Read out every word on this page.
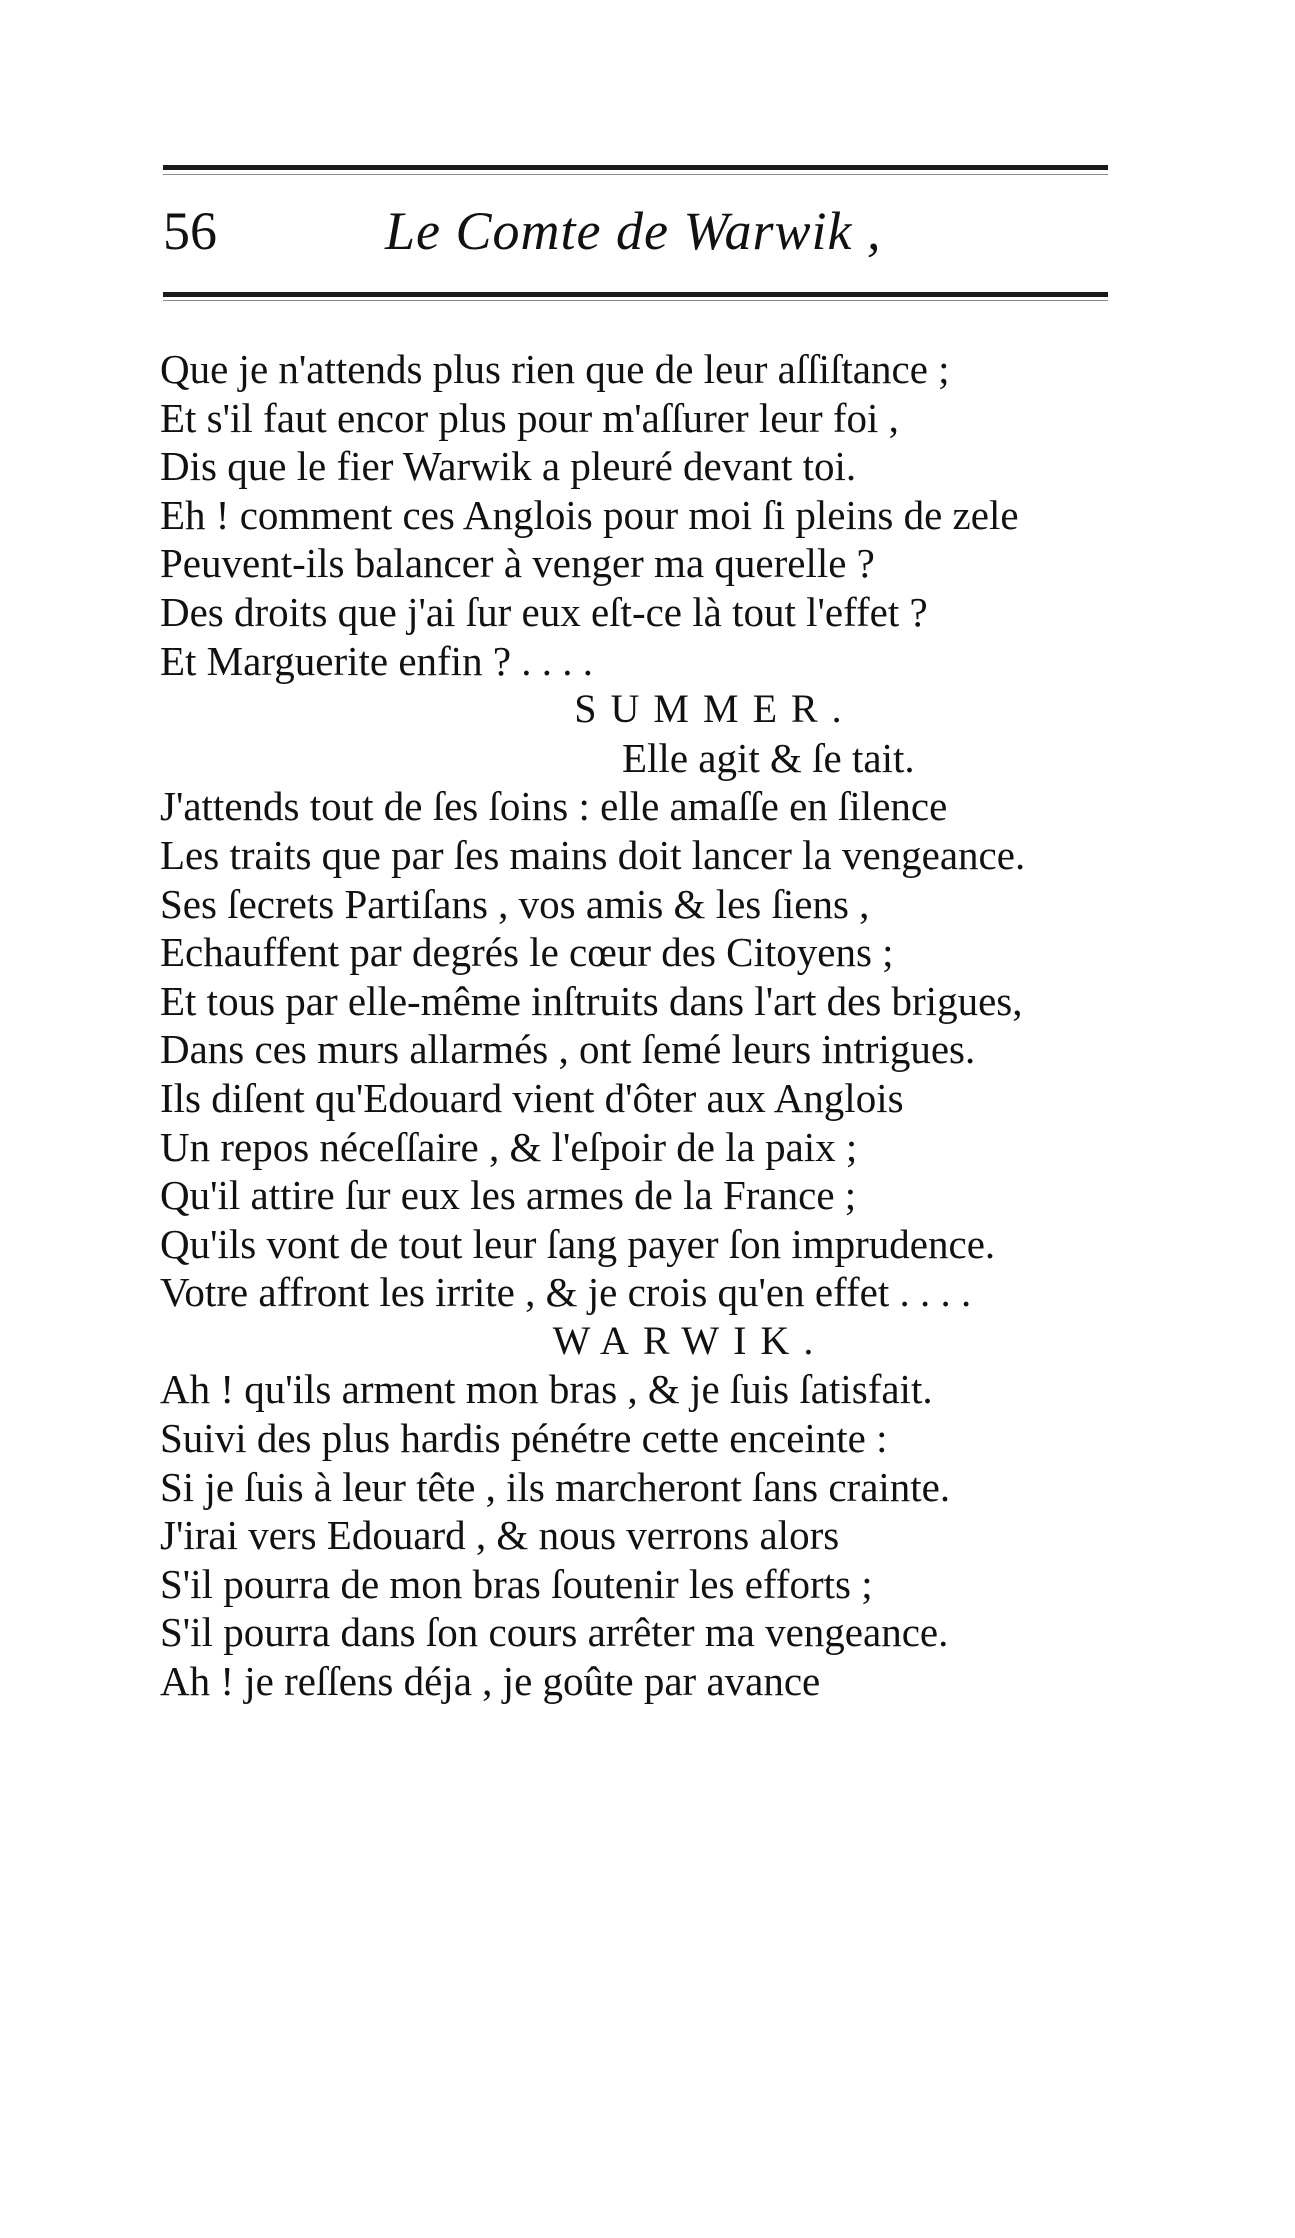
56	Le Comte de Warwik ,
Que je n'attends plus rien que de leur aſſiſtance ;
Et s'il faut encor plus pour m'aſſurer leur foi ,
Dis que le fier Warwik a pleuré devant toi.
Eh ! comment ces Anglois pour moi ſi pleins de zele
Peuvent-ils balancer à venger ma querelle ?
Des droits que j'ai ſur eux eſt-ce là tout l'effet ?
Et Marguerite enfin ? . . . .
SUMMER.
Elle agit & ſe tait.
J'attends tout de ſes ſoins : elle amaſſe en ſilence
Les traits que par ſes mains doit lancer la vengeance.
Ses ſecrets Partiſans , vos amis & les ſiens ,
Echauffent par degrés le cœur des Citoyens ;
Et tous par elle-même inſtruits dans l'art des brigues,
Dans ces murs allarmés , ont ſemé leurs intrigues.
Ils diſent qu'Edouard vient d'ôter aux Anglois
Un repos néceſſaire , & l'eſpoir de la paix ;
Qu'il attire ſur eux les armes de la France ;
Qu'ils vont de tout leur ſang payer ſon imprudence.
Votre affront les irrite , & je crois qu'en effet . . . .
WARWIK.
Ah ! qu'ils arment mon bras , & je ſuis ſatisfait.
Suivi des plus hardis pénétre cette enceinte :
Si je ſuis à leur tête , ils marcheront ſans crainte.
J'irai vers Edouard , & nous verrons alors
S'il pourra de mon bras ſoutenir les efforts ;
S'il pourra dans ſon cours arrêter ma vengeance.
Ah ! je reſſens déja , je goûte par avance
